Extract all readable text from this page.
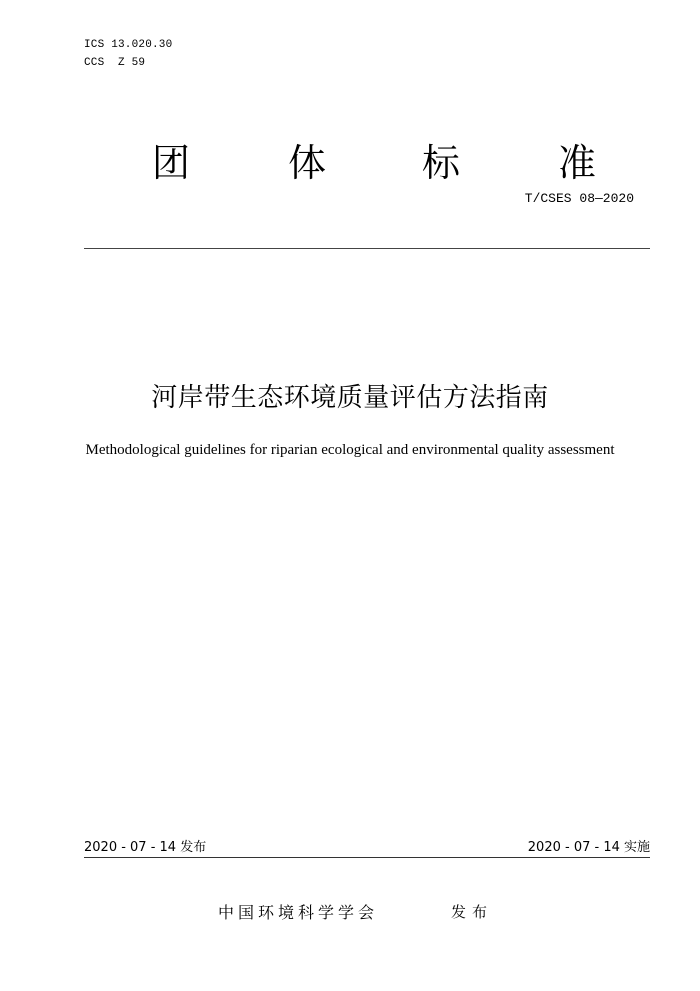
ICS 13.020.30
CCS  Z 59
团	体	标	准
T/CSES 08—2020
河岸带生态环境质量评估方法指南
Methodological guidelines for riparian ecological and environmental quality assessment
2020 - 07 - 14 发布	2020 - 07 - 14 实施
中国环境科学学会	发布
